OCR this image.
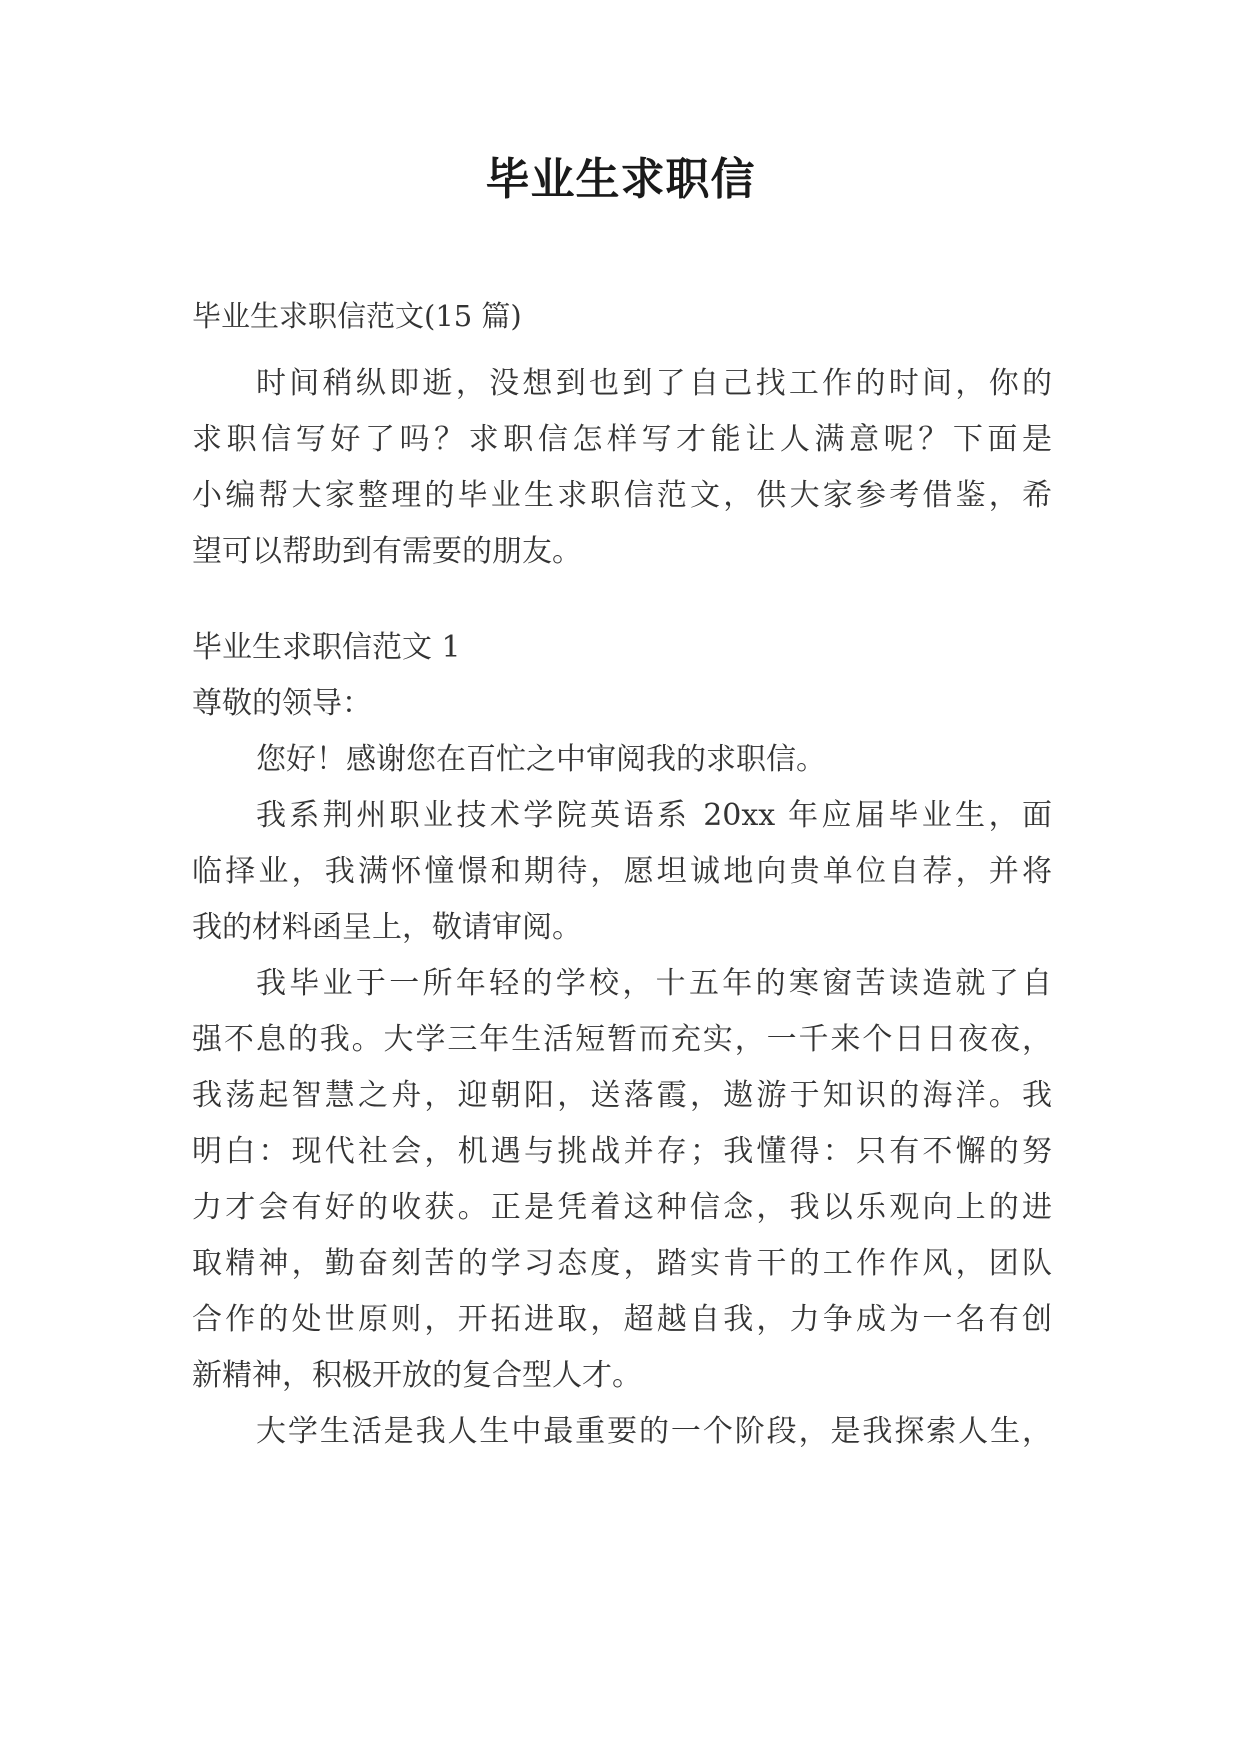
毕业生求职信
毕业生求职信范文(15 篇)
时间稍纵即逝，没想到也到了自己找工作的时间，你的
求职信写好了吗？求职信怎样写才能让人满意呢？下面是
小编帮大家整理的毕业生求职信范文，供大家参考借鉴，希
望可以帮助到有需要的朋友。
毕业生求职信范文 1
尊敬的领导：
您好！感谢您在百忙之中审阅我的求职信。
我系荆州职业技术学院英语系 20xx 年应届毕业生，面
临择业，我满怀憧憬和期待，愿坦诚地向贵单位自荐，并将
我的材料函呈上，敬请审阅。
我毕业于一所年轻的学校，十五年的寒窗苦读造就了自
强不息的我。大学三年生活短暂而充实，一千来个日日夜夜，
我荡起智慧之舟，迎朝阳，送落霞，遨游于知识的海洋。我
明白：现代社会，机遇与挑战并存；我懂得：只有不懈的努
力才会有好的收获。正是凭着这种信念，我以乐观向上的进
取精神，勤奋刻苦的学习态度，踏实肯干的工作作风，团队
合作的处世原则，开拓进取，超越自我，力争成为一名有创
新精神，积极开放的复合型人才。
大学生活是我人生中最重要的一个阶段，是我探索人生，
